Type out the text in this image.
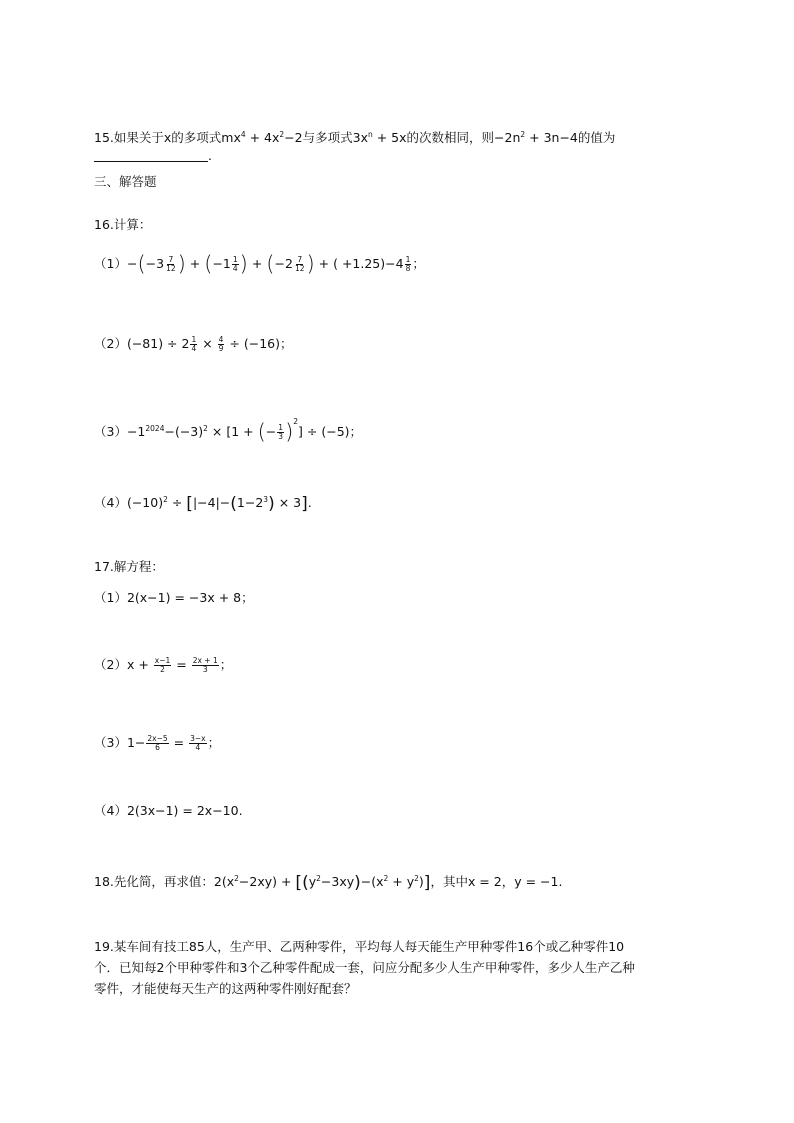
15.如果关于x的多项式$mx^4 + 4x^2-2$与多项式$3x^n + 5x$的次数相同，则$-2n^2 + 3n-4$的值为
.
三、解答题
16.计算：
$(1)-(-3 \frac{7}{12}$ ) + ($-1 \frac{1}{4}$ ) + ($-2 \frac{7}{12}$ ) + ( $+1.25)-4 \frac{1}{8}$ ；
$(2)(-81) \div 2 \frac{1}{4} \times \frac{4}{9} \div (-16)$；
$(3)-1^{2024}-(-3)^2 \times [1$ + (− $\frac{1}{3} )^2] \div (-5)$；
$(4)(-10)^2 \div [|-4|-(1-2^3) \times 3]$.
17.解方程：
（1）2(x−1) = −3x + 8；
$(2)x + \frac{x-1}{2} = \frac{2x + 1}{3}$ ；
$(3)1- \frac{2x-5}{6} = \frac{3-x}{4}$ ；
（4）2(3x−1) = 2x−10.
18.先化简，再求值：$2(x^2-2xy) + [(y^2-3xy)-(x^2 + y^2)]$，其中x = 2，y = −1.
19.某车间有技工85人，生产甲、乙两种零件，平均每人每天能生产甲种零件16个或乙种零件10
个．已知每2个甲种零件和3个乙种零件配成一套，问应分配多少人生产甲种零件，多少人生产乙种
零件，才能使每天生产的这两种零件刚好配套？
